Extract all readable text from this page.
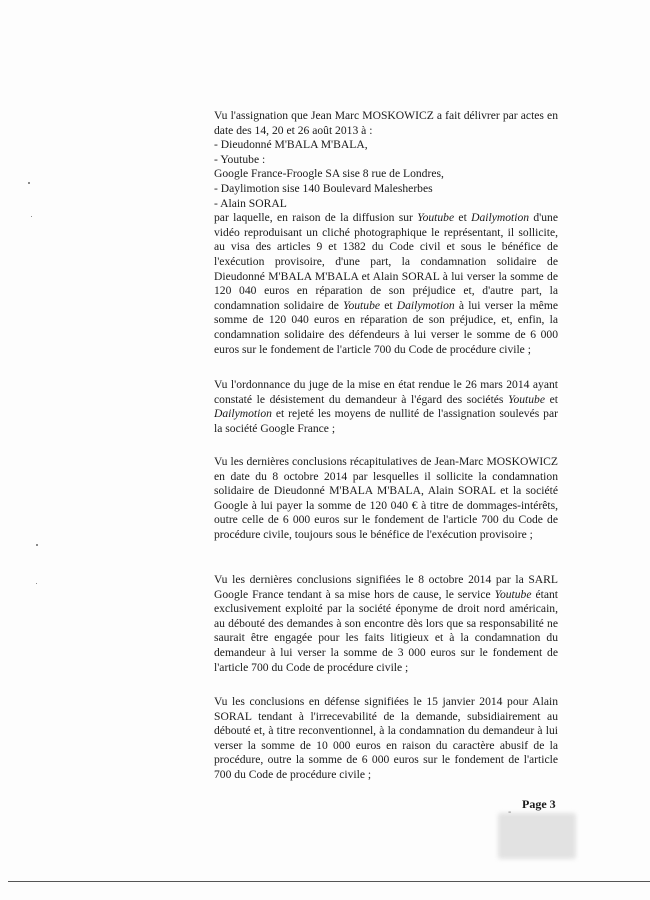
Vu l'assignation que Jean Marc MOSKOWICZ a fait délivrer par actes en date des 14, 20 et 26 août 2013 à :

- Dieudonné M'BALA M'BALA,

- Youtube :

Google France-Froogle SA sise 8 rue de Londres,

- Daylimotion sise 140 Boulevard Malesherbes

- Alain SORAL

par laquelle, en raison de la diffusion sur Youtube et Dailymotion d'une vidéo reproduisant un cliché photographique le représentant, il sollicite, au visa des articles 9 et 1382 du Code civil et sous le bénéfice de l'exécution provisoire, d'une part, la condamnation solidaire de Dieudonné M'BALA M'BALA et Alain SORAL à lui verser la somme de 120 040 euros en réparation de son préjudice et, d'autre part, la condamnation solidaire de Youtube et Dailymotion à lui verser la même somme de 120 040 euros en réparation de son préjudice, et, enfin, la condamnation solidaire des défendeurs à lui verser le somme de 6 000 euros sur le fondement de l'article 700 du Code de procédure civile ;

Vu l'ordonnance du juge de la mise en état rendue le 26 mars 2014 ayant constaté le désistement du demandeur à l'égard des sociétés Youtube et Dailymotion et rejeté les moyens de nullité de l'assignation soulevés par la société Google France ;

Vu les dernières conclusions récapitulatives de Jean-Marc MOSKOWICZ en date du 8 octobre 2014 par lesquelles il sollicite la condamnation solidaire de Dieudonné M'BALA M'BALA, Alain SORAL et la société Google à lui payer la somme de 120 040 € à titre de dommages-intérêts, outre celle de 6 000 euros sur le fondement de l'article 700 du Code de procédure civile, toujours sous le bénéfice de l'exécution provisoire ;

Vu les dernières conclusions signifiées le 8 octobre 2014 par la SARL Google France tendant à sa mise hors de cause, le service Youtube étant exclusivement exploité par la société éponyme de droit nord américain, au débouté des demandes à son encontre dès lors que sa responsabilité ne saurait être engagée pour les faits litigieux et à la condamnation du demandeur à lui verser la somme de 3 000 euros sur le fondement de l'article 700 du Code de procédure civile ;

Vu les conclusions en défense signifiées le 15 janvier 2014 pour Alain SORAL tendant à l'irrecevabilité de la demande, subsidiairement au débouté et, à titre reconventionnel, à la condamnation du demandeur à lui verser la somme de 10 000 euros en raison du caractère abusif de la procédure, outre la somme de 6 000 euros sur le fondement de l'article 700 du Code de procédure civile ;

Page 3
